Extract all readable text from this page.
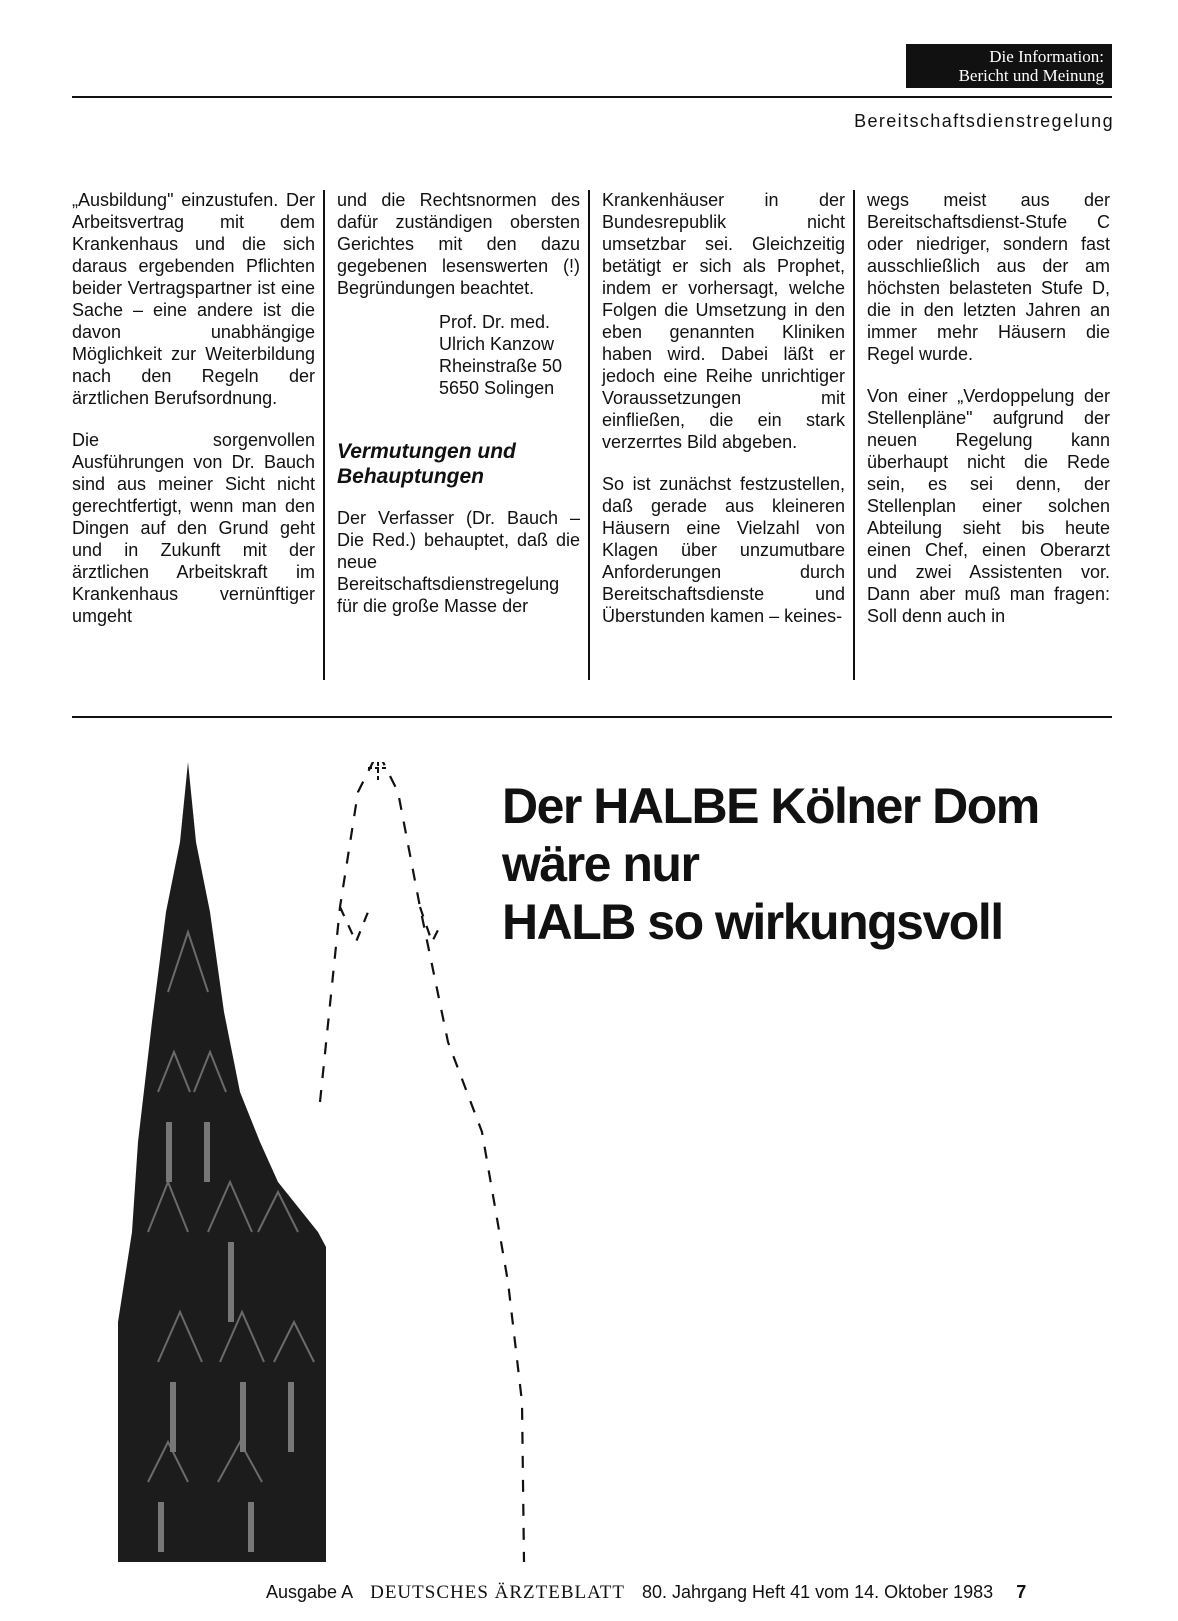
Die Information:
Bericht und Meinung
Bereitschaftsdienstregelung

„Ausbildung" einzustufen. Der Arbeitsvertrag mit dem Krankenhaus und die sich daraus ergebenden Pflichten beider Vertragspartner ist eine Sache – eine andere ist die davon unabhängige Möglichkeit zur Weiterbildung nach den Regeln der ärztlichen Berufsordnung.

Die sorgenvollen Ausführungen von Dr. Bauch sind aus meiner Sicht nicht gerechtfertigt, wenn man den Dingen auf den Grund geht und in Zukunft mit der ärztlichen Arbeitskraft im Krankenhaus vernünftiger umgeht

und die Rechtsnormen des dafür zuständigen obersten Gerichtes mit den dazu gegebenen lesenswerten (!) Begründungen beachtet.

Prof. Dr. med.
Ulrich Kanzow
Rheinstraße 50
5650 Solingen
Vermutungen und Behauptungen

Der Verfasser (Dr. Bauch – Die Red.) behauptet, daß die neue Bereitschaftsdienstregelung für die große Masse der

Krankenhäuser in der Bundesrepublik nicht umsetzbar sei. Gleichzeitig betätigt er sich als Prophet, indem er vorhersagt, welche Folgen die Umsetzung in den eben genannten Kliniken haben wird. Dabei läßt er jedoch eine Reihe unrichtiger Voraussetzungen mit einfließen, die ein stark verzerrtes Bild abgeben.

So ist zunächst festzustellen, daß gerade aus kleineren Häusern eine Vielzahl von Klagen über unzumutbare Anforderungen durch Bereitschaftsdienste und Überstunden kamen – keines-

wegs meist aus der Bereitschaftsdienst-Stufe C oder niedriger, sondern fast ausschließlich aus der am höchsten belasteten Stufe D, die in den letzten Jahren an immer mehr Häusern die Regel wurde.

Von einer „Verdoppelung der Stellenpläne" aufgrund der neuen Regelung kann überhaupt nicht die Rede sein, es sei denn, der Stellenplan einer solchen Abteilung sieht bis heute einen Chef, einen Oberarzt und zwei Assistenten vor. Dann aber muß man fragen: Soll denn auch in

Der HALBE Kölner Dom
wäre nur
HALB so wirkungsvoll
Ausgabe A DEUTSCHES ÄRZTEBLATT 80. Jahrgang Heft 41 vom 14. Oktober 1983 7
